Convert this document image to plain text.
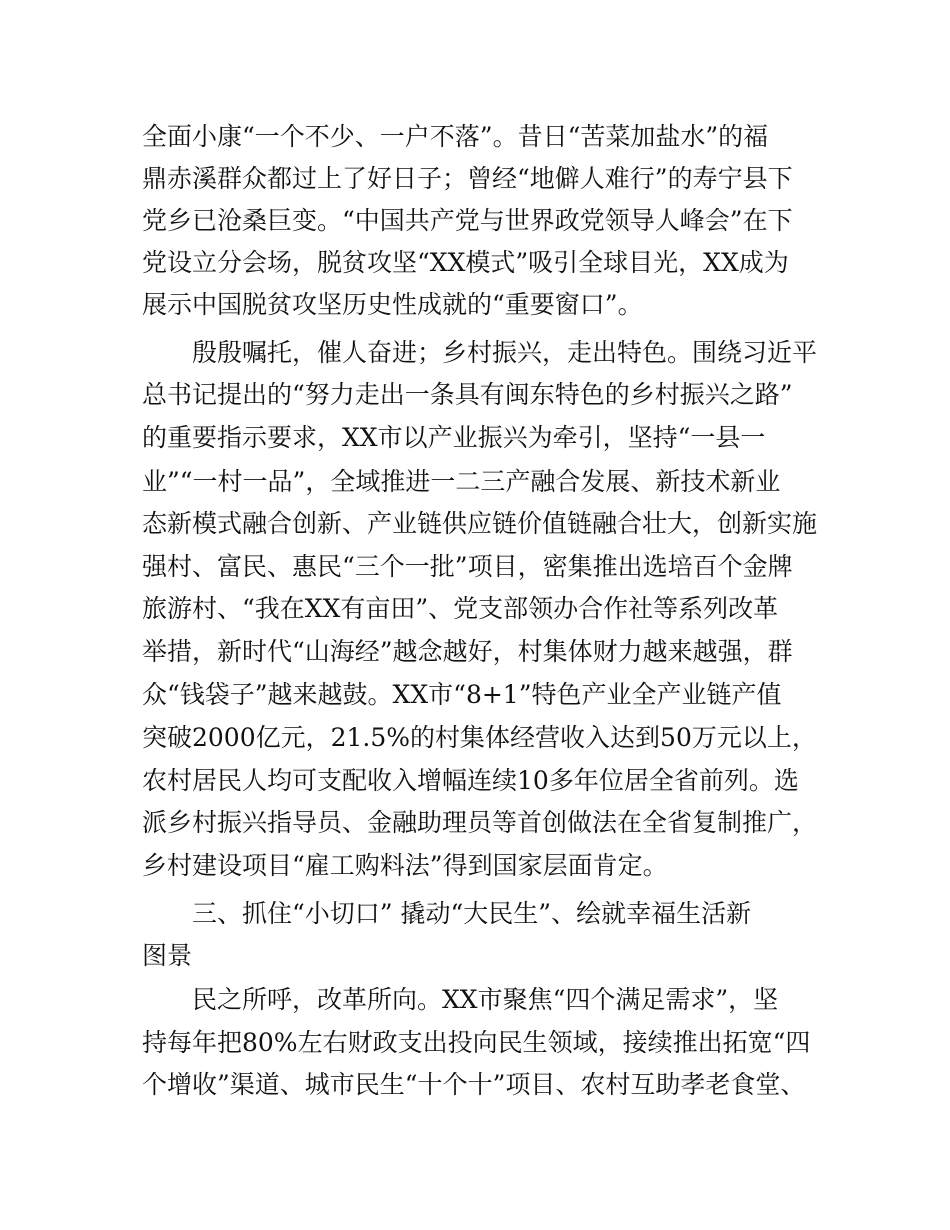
全面小康“一个不少、一户不落”。昔日“苦菜加盐水”的福
鼎赤溪群众都过上了好日子；曾经“地僻人难行”的寿宁县下
党乡已沧桑巨变。“中国共产党与世界政党领导人峰会”在下
党设立分会场，脱贫攻坚“XX模式”吸引全球目光，XX成为
展示中国脱贫攻坚历史性成就的“重要窗口”。
殷殷嘱托，催人奋进；乡村振兴，走出特色。围绕习近平
总书记提出的“努力走出一条具有闽东特色的乡村振兴之路”
的重要指示要求，XX市以产业振兴为牵引，坚持“一县一
业”“一村一品”，全域推进一二三产融合发展、新技术新业
态新模式融合创新、产业链供应链价值链融合壮大，创新实施
强村、富民、惠民“三个一批”项目，密集推出选培百个金牌
旅游村、“我在XX有亩田”、党支部领办合作社等系列改革
举措，新时代“山海经”越念越好，村集体财力越来越强，群
众“钱袋子”越来越鼓。XX市“8+1”特色产业全产业链产值
突破2000亿元，21.5%的村集体经营收入达到50万元以上，
农村居民人均可支配收入增幅连续10多年位居全省前列。选
派乡村振兴指导员、金融助理员等首创做法在全省复制推广，
乡村建设项目“雇工购料法”得到国家层面肯定。
三、抓住“小切口” 撬动“大民生”、绘就幸福生活新
图景
民之所呼，改革所向。XX市聚焦“四个满足需求”，坚
持每年把80%左右财政支出投向民生领域，接续推出拓宽“四
个增收”渠道、城市民生“十个十”项目、农村互助孝老食堂、
